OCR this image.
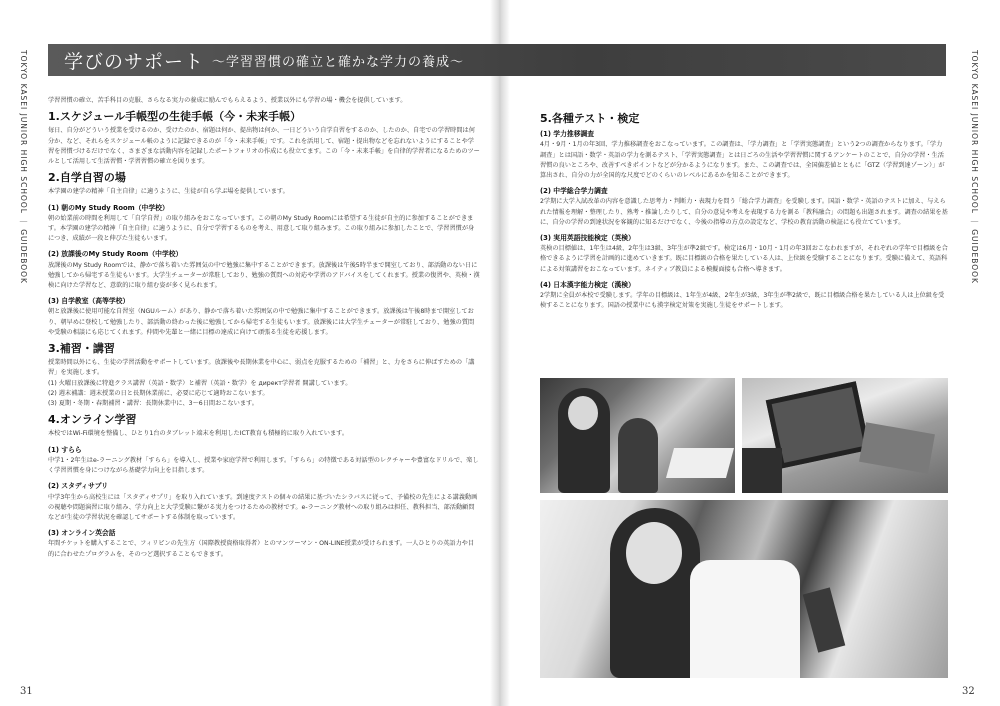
学びのサポート ～学習習慣の確立と確かな学力の養成～
TOKYO KASEI JUNIOR HIGH SCHOOL ｜ GUIDEBOOK	TOKYO KASEI JUNIOR HIGH SCHOOL ｜ GUIDEBOOK
31	32

学習習慣の確立、苦手科目の克服、さらなる実力の養成に励んでもらえるよう、授業以外にも学習の場・機会を提供しています。

1.スケジュール手帳型の生徒手帳（今・未来手帳）

毎日、自分がどういう授業を受けるのか、受けたのか、宿題は何か、提出物は何か、一日どういう自学自習をするのか、したのか、自宅での学習時間は何分か、など、それらをスケジュール帳のように記録できるのが「今・未来手帳」です。これを活用して、宿題・提出物などを忘れないようにすることや学習を習慣づけるだけでなく、さまざまな活動内容を記録したポートフォリオの作成にも役立てます。この「今・未来手帳」を自律的学習者になるためのツールとして活用して生活習慣・学習習慣の確立を図ります。

2.自学自習の場

本学園の建学の精神「自主自律」に適うように、生徒が自ら学ぶ場を提供しています。

(1) 朝のMy Study Room（中学校）

朝の始業前の時間を利用して「自学自習」の取り組みをおこなっています。この朝のMy Study Roomには希望する生徒が自主的に参加することができます。本学園の建学の精神「自主自律」に適うように、自分で学習するものを考え、用意して取り組みます。この取り組みに参加したことで、学習習慣が身につき、成績が一段と伸びた生徒もいます。

(2) 放課後のMy Study Room（中学校）

放課後のMy Study Roomでは、静かで落ち着いた雰囲気の中で勉強に集中することができます。放課後は午後5時半まで開室しており、部活動のない日に勉強してから帰宅する生徒もいます。大学生チューターが常駐しており、勉強の質問への対応や学習のアドバイスをしてくれます。授業の復習や、英検・漢検に向けた学習など、意欲的に取り組む姿が多く見られます。

(3) 自学教室（高等学校）

朝と放課後に使用可能な自習室（NGUルーム）があり、静かで落ち着いた雰囲気の中で勉強に集中することができます。放課後は午後8時まで開室しており、朝早めに登校して勉強したり、部活動の終わった後に勉強してから帰宅する生徒もいます。放課後には大学生チューターが常駐しており、勉強の質問や受験の相談にも応じてくれます。仲間や先輩と一緒に目標の達成に向けて頑張る生徒を応援します。

3.補習・講習

授業時間以外にも、生徒の学習活動をサポートしています。放課後や長期休業を中心に、弱点を克服するための「補習」と、力をさらに伸ばすための「講習」を実施します。
(1) 火曜日放課後に特進クラス講習（英語・数学）と補習（英語・数学）を директ学習者 開講しています。
(2) 週末補講：週末授業の日と長期休業前に、必要に応じて適時おこないます。
(3) 夏期・冬期・春期補習・講習：長期休業中に、3～6日間おこないます。

4.オンライン学習

本校ではWi-Fi環境を整備し、ひとり1台のタブレット端末を利用したICT教育も積極的に取り入れています。

(1) すらら

中学1・2年生はe-ラーニング教材「すらら」を導入し、授業や家庭学習で利用します。「すらら」の特徴である対話型のレクチャーや豊富なドリルで、楽しく学習習慣を身につけながら基礎学力向上を目指します。

(2) スタディサプリ

中学3年生から高校生には「スタディサプリ」を取り入れています。到達度テストの個々の結果に基づいたシラバスに従って、予備校の先生による講義動画の視聴や問題演習に取り組み、学力向上と大学受験に繋がる実力をつけるための教材です。e-ラーニング教材への取り組みは担任、教科担当、部活動顧問などが生徒の学習状況を確認してサポートする体制を取っています。

(3) オンライン英会話

年間チケットを購入することで、フィリピンの先生方（国際教授資格取得者）とのマンツーマン・ON-LINE授業が受けられます。一人ひとりの英語力や目的に合わせたプログラムを、そのつど選択することもできます。

5.各種テスト・検定
(1) 学力推移調査

4月・9月・1月の年3回、学力推移調査をおこなっています。この調査は、「学力調査」と「学習実態調査」という2つの調査からなります。「学力調査」とは国語・数学・英語の学力を測るテスト、「学習実態調査」とは日ごろの生活や学習習慣に関するアンケートのことで、自分の学習・生活習慣の良いところや、改善すべきポイントなどが分かるようになります。また、この調査では、全国偏差値とともに「GTZ（学習到達ゾーン）」が算出され、自分の力が全国的な尺度でどのくらいのレベルにあるかを知ることができます。

(2) 中学総合学力調査

2学期に大学入試改革の内容を意識した思考力・判断力・表現力を問う「総合学力調査」を受験します。国語・数学・英語のテストに加え、与えられた情報を理解・整理したり、熟考・推論したりして、自分の意見や考えを表現する力を測る「教科融合」の問題も出題されます。調査の結果を基に、自分の学習の到達状況を客観的に知るだけでなく、今後の指導の方点の設定など、学校の教育活動の検証にも役立てています。

(3) 実用英語技能検定（英検）

英検の目標値は、1年生は4級、2年生は3級、3年生が準2級です。検定は6月・10月・1月の年3回おこなわれますが、それぞれの学年で目標級を合格できるように学習を計画的に進めていきます。既に目標級の合格を果たしている人は、上位級を受験することになります。受験に備えて、英語科による対策講習をおこなっています。ネイティブ教員による模擬面接も合格へ導きます。

(4) 日本漢字能力検定（漢検）

2学期に全員が本校で受験します。学年の目標級は、1年生が4級、2年生が3級、3年生が準2級で、既に目標級合格を果たしている人は上位級を受検することになります。国語の授業中にも漢字検定対策を実施し生徒をサポートします。
